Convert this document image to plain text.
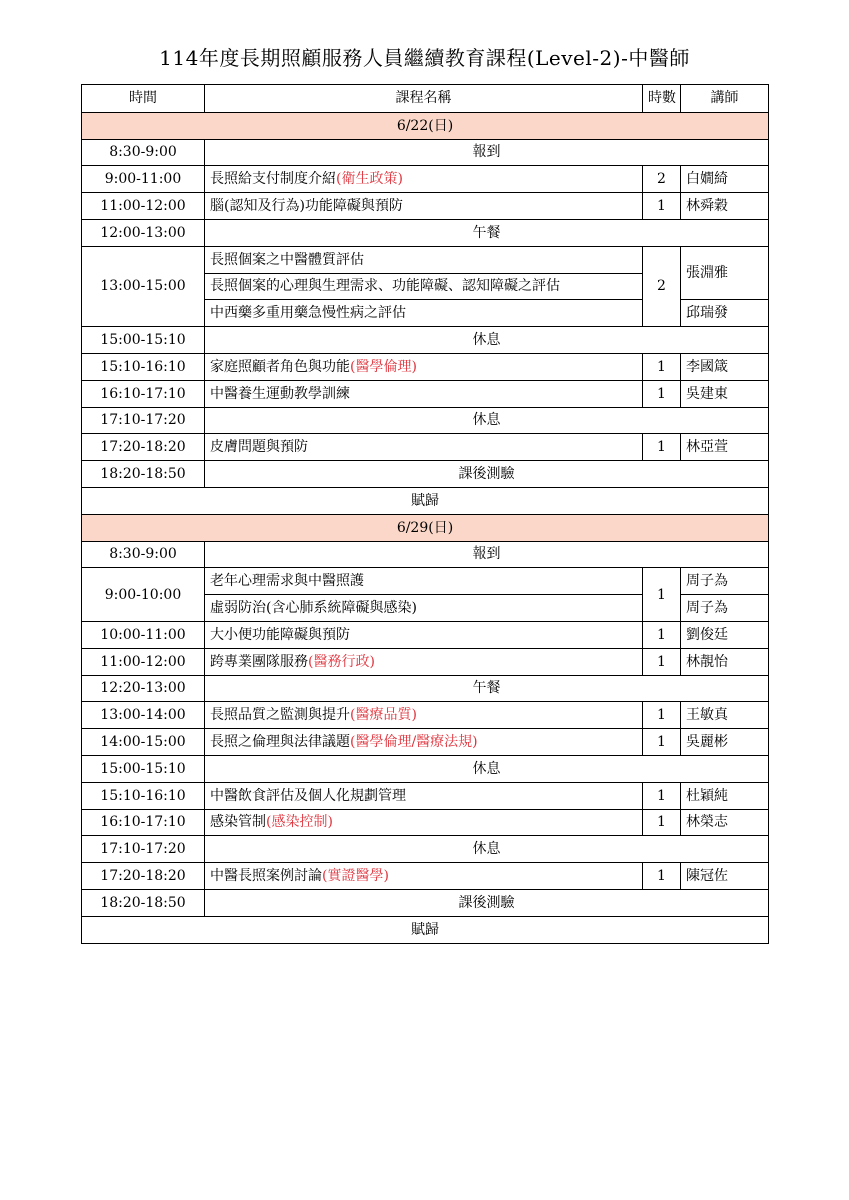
114年度長期照顧服務人員繼續教育課程(Level-2)-中醫師
時間	課程名稱	時數	講師
6/22(日)			
8:30-9:00	報到		
9:00-11:00	長照給支付制度介紹(衛生政策)	2	白嫺綺
11:00-12:00	腦(認知及行為)功能障礙與預防	1	林舜穀
12:00-13:00	午餐		
13:00-15:00	長照個案之中醫體質評估	2	張淵雅
	長照個案的心理與生理需求、功能障礙、認知障礙之評估		
	中西藥多重用藥急慢性病之評估		邱瑞發
15:00-15:10	休息		
15:10-16:10	家庭照顧者角色與功能(醫學倫理)	1	李國箴
16:10-17:10	中醫養生運動教學訓練	1	吳建東
17:10-17:20	休息		
17:20-18:20	皮膚問題與預防	1	林亞萱
18:20-18:50	課後測驗		
賦歸			
6/29(日)			
8:30-9:00	報到		
9:00-10:00	老年心理需求與中醫照護	1	周子為
	虛弱防治(含心肺系統障礙與感染)		周子為
10:00-11:00	大小便功能障礙與預防	1	劉俊廷
11:00-12:00	跨專業團隊服務(醫務行政)	1	林靚怡
12:20-13:00	午餐		
13:00-14:00	長照品質之監測與提升(醫療品質)	1	王敏真
14:00-15:00	長照之倫理與法律議題(醫學倫理/醫療法規)	1	吳麗彬
15:00-15:10	休息		
15:10-16:10	中醫飲食評估及個人化規劃管理	1	杜穎純
16:10-17:10	感染管制(感染控制)	1	林榮志
17:10-17:20	休息		
17:20-18:20	中醫長照案例討論(實證醫學)	1	陳冠佐
18:20-18:50	課後測驗		
賦歸			
